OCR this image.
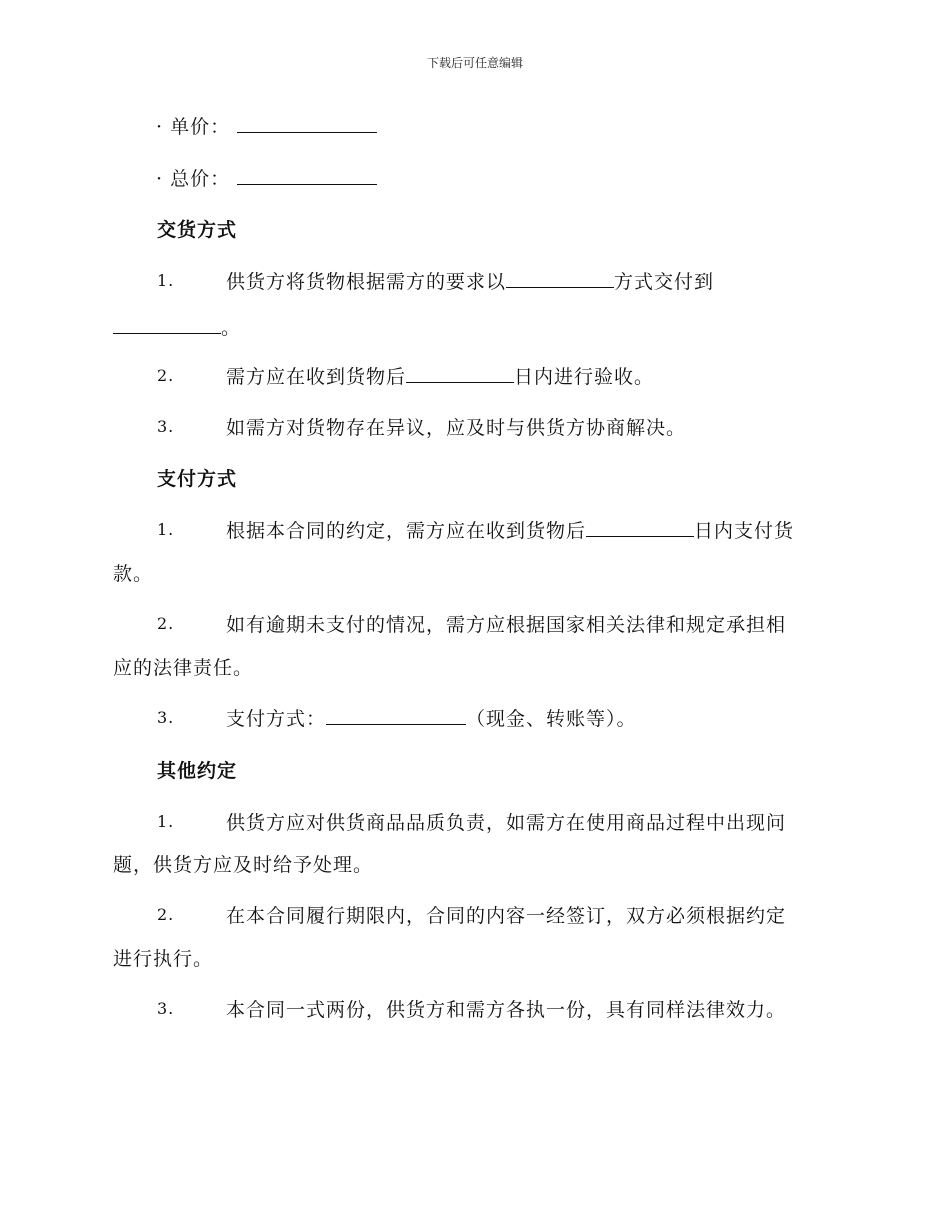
下载后可任意编辑
· 单价：
· 总价：
交货方式
1.	供货方将货物根据需方的要求以	方式交付到
。
2.	需方应在收到货物后	日内进行验收。
3.	如需方对货物存在异议，应及时与供货方协商解决。
支付方式
1.	根据本合同的约定，需方应在收到货物后	日内支付货
款。
2.	如有逾期未支付的情况，需方应根据国家相关法律和规定承担相
应的法律责任。
3.	支付方式：	（现金、转账等）。
其他约定
1.	供货方应对供货商品品质负责，如需方在使用商品过程中出现问
题，供货方应及时给予处理。
2.	在本合同履行期限内，合同的内容一经签订，双方必须根据约定
进行执行。
3.	本合同一式两份，供货方和需方各执一份，具有同样法律效力。
